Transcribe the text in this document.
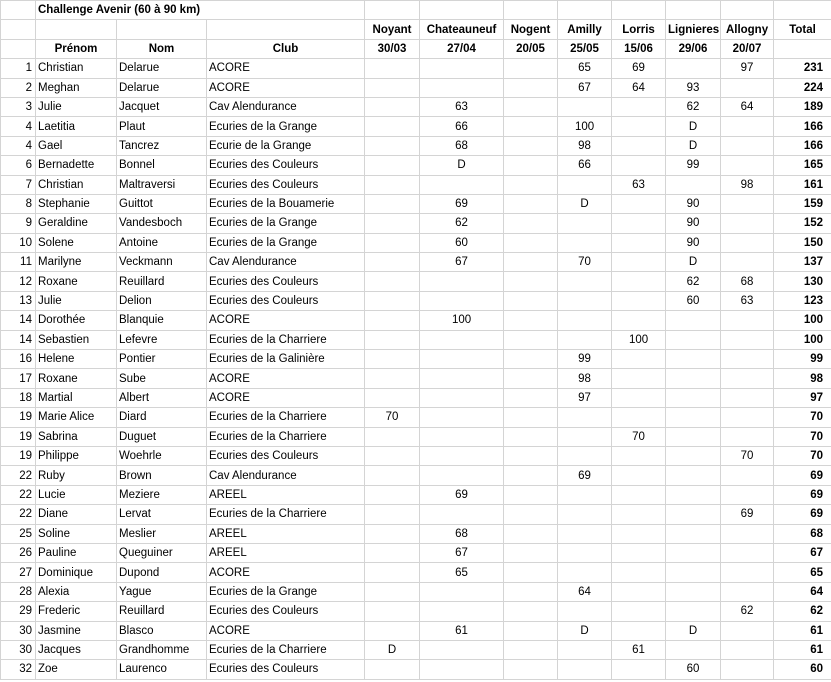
	Challenge Avenir (60 à 90 km)										
				Noyant	Chateauneuf	Nogent	Amilly	Lorris	Lignieres	Allogny	Total
	Prénom	Nom	Club	30/03	27/04	20/05	25/05	15/06	29/06	20/07	
1	Christian	Delarue	ACORE				65	69		97	231
2	Meghan	Delarue	ACORE				67	64	93		224
3	Julie	Jacquet	Cav Alendurance		63				62	64	189
4	Laetitia	Plaut	Ecuries de la Grange		66		100		D		166
4	Gael	Tancrez	Ecurie de la Grange		68		98		D		166
6	Bernadette	Bonnel	Ecuries des Couleurs		D		66		99		165
7	Christian	Maltraversi	Ecuries des Couleurs					63		98	161
8	Stephanie	Guittot	Ecuries de la Bouamerie		69		D		90		159
9	Geraldine	Vandesboch	Ecuries de la Grange		62				90		152
10	Solene	Antoine	Ecuries de la Grange		60				90		150
11	Marilyne	Veckmann	Cav Alendurance		67		70		D		137
12	Roxane	Reuillard	Ecuries des Couleurs						62	68	130
13	Julie	Delion	Ecuries des Couleurs						60	63	123
14	Dorothée	Blanquie	ACORE		100						100
14	Sebastien	Lefevre	Ecuries de la Charriere					100			100
16	Helene	Pontier	Ecuries de la Galinière				99				99
17	Roxane	Sube	ACORE				98				98
18	Martial	Albert	ACORE				97				97
19	Marie Alice	Diard	Ecuries de la Charriere	70							70
19	Sabrina	Duguet	Ecuries de la Charriere					70			70
19	Philippe	Woehrle	Ecuries des Couleurs							70	70
22	Ruby	Brown	Cav Alendurance				69				69
22	Lucie	Meziere	AREEL		69						69
22	Diane	Lervat	Ecuries de la Charriere							69	69
25	Soline	Meslier	AREEL		68						68
26	Pauline	Queguiner	AREEL		67						67
27	Dominique	Dupond	ACORE		65						65
28	Alexia	Yague	Ecuries de la Grange				64				64
29	Frederic	Reuillard	Ecuries des Couleurs							62	62
30	Jasmine	Blasco	ACORE		61		D		D		61
30	Jacques	Grandhomme	Ecuries de la Charriere	D				61			61
32	Zoe	Laurenco	Ecuries des Couleurs						60		60
